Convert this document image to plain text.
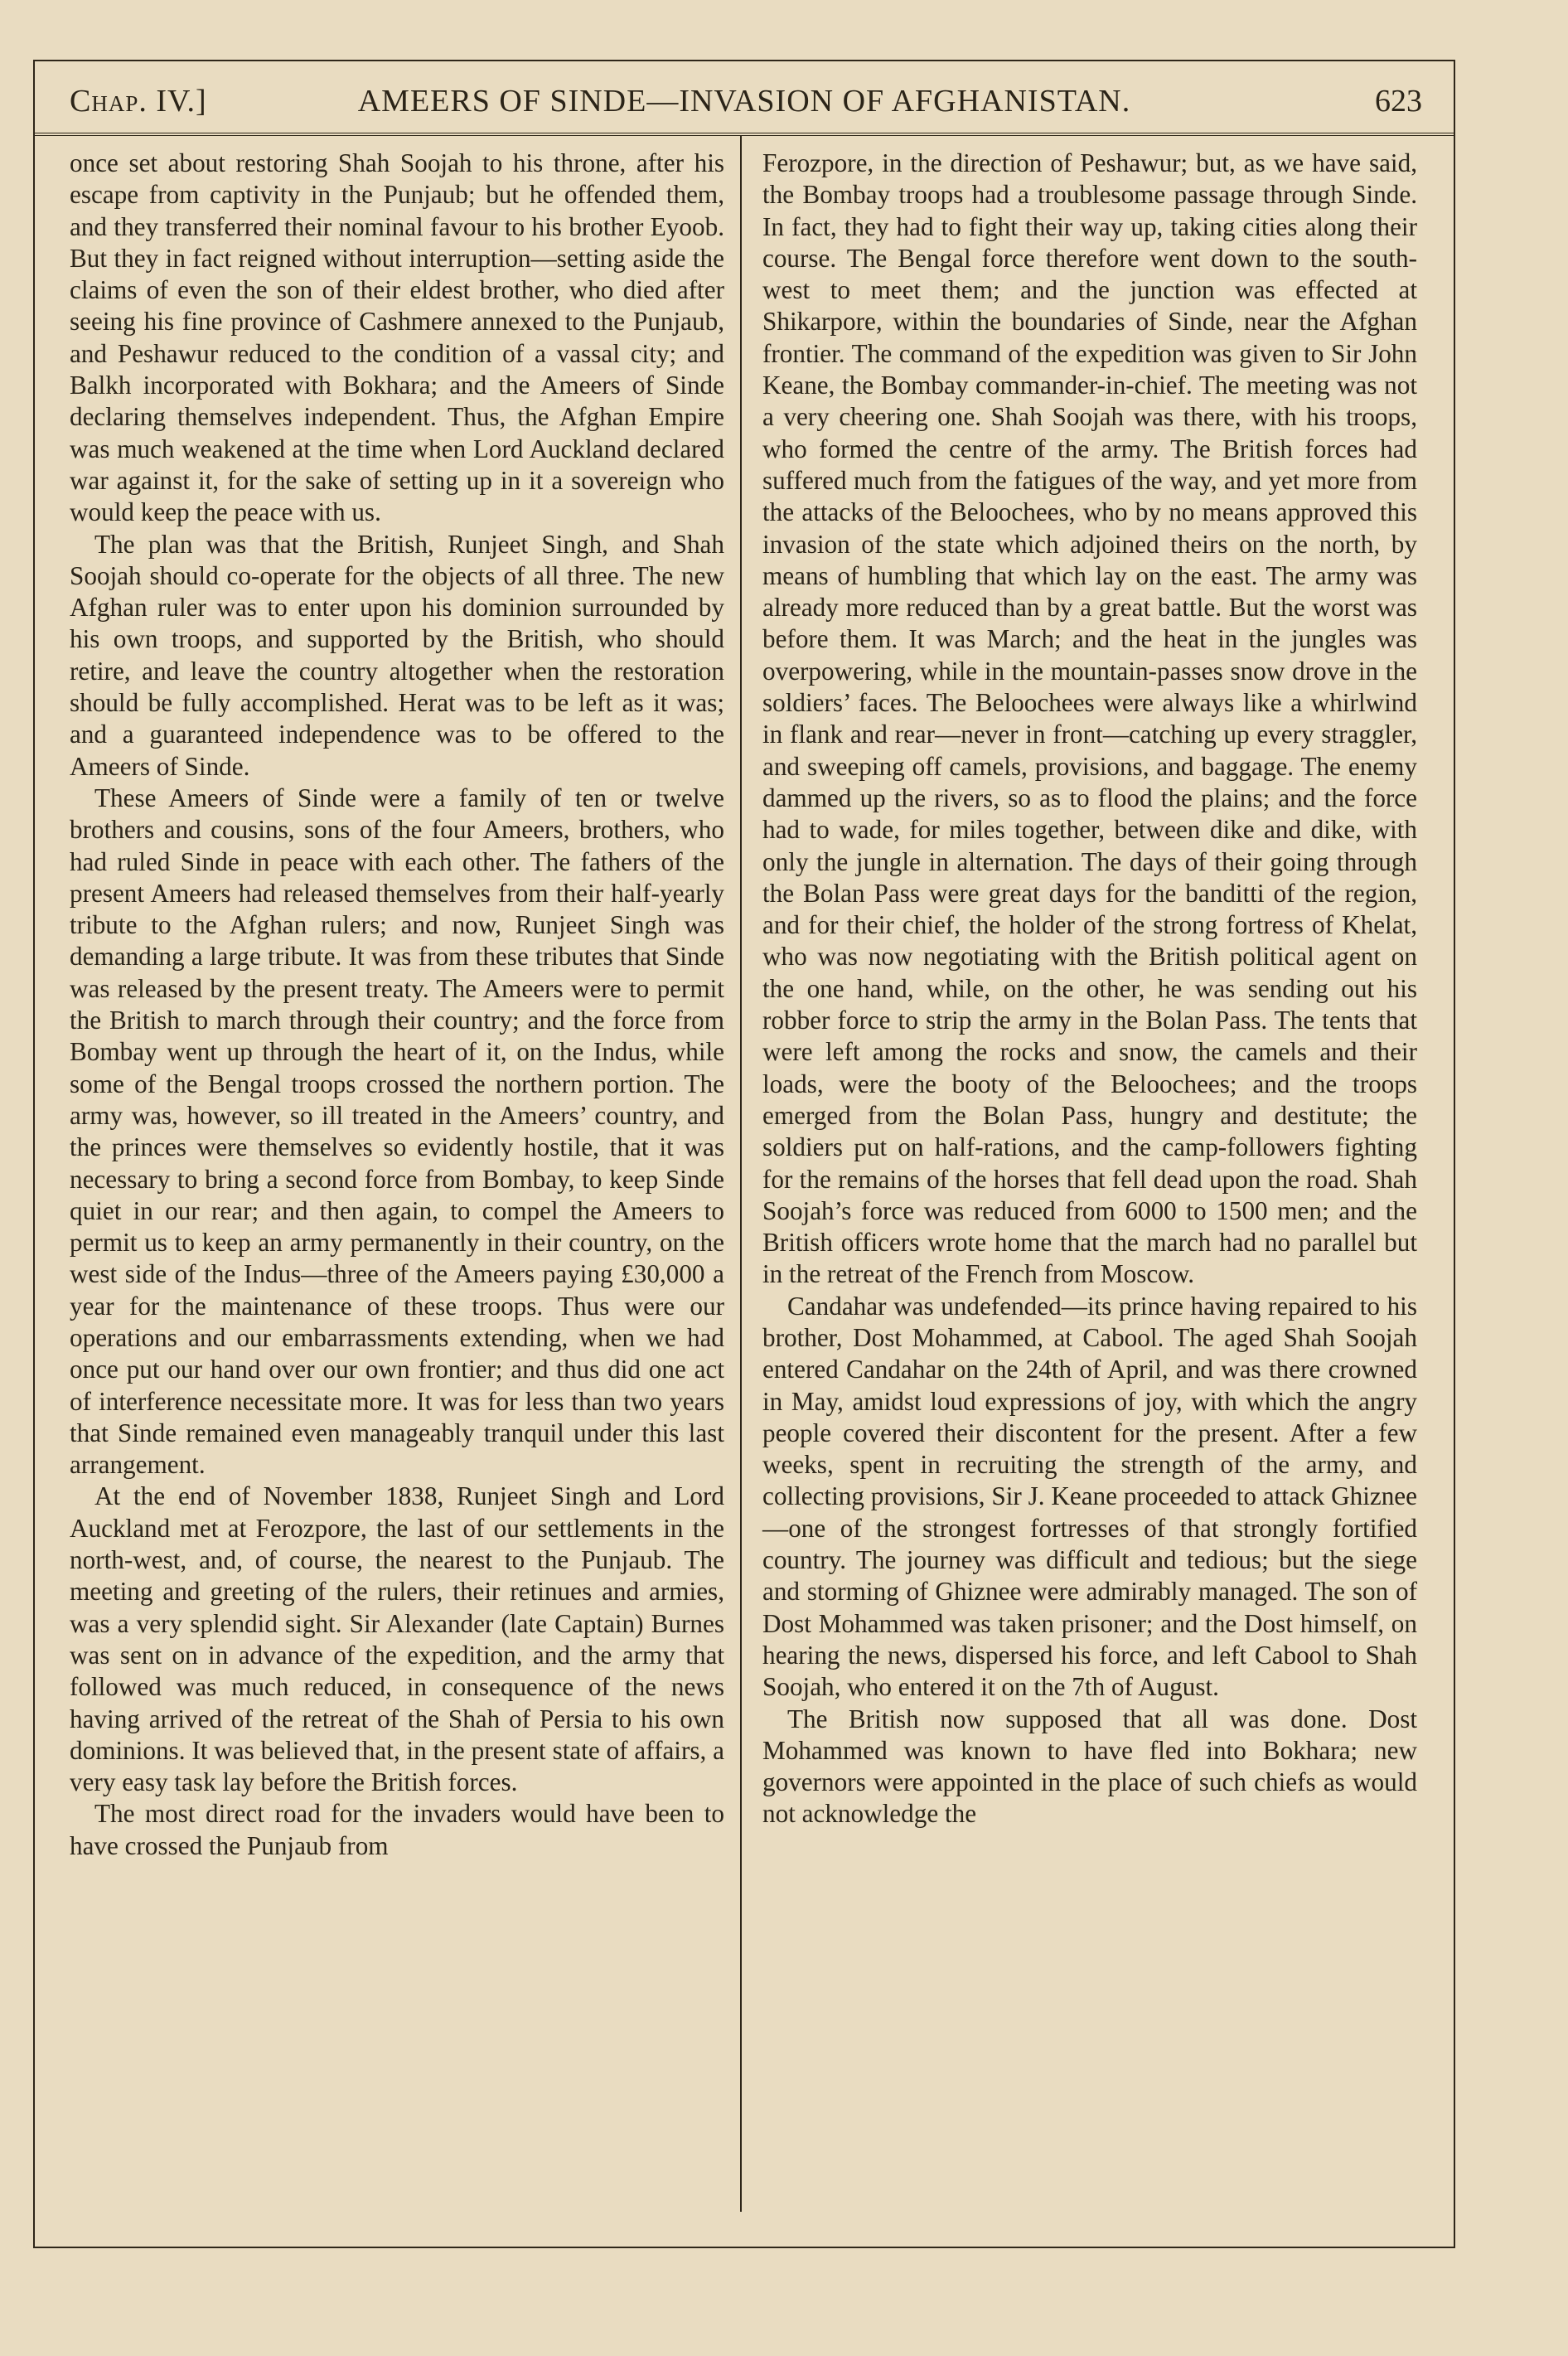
Chap. IV.]	AMEERS OF SINDE—INVASION OF AFGHANISTAN.	623

once set about restoring Shah Soojah to his throne, after his escape from captivity in the Punjaub; but he offended them, and they transferred their nominal favour to his brother Eyoob. But they in fact reigned without interruption—setting aside the claims of even the son of their eldest brother, who died after seeing his fine province of Cashmere annexed to the Punjaub, and Peshawur reduced to the condition of a vassal city; and Balkh incorporated with Bokhara; and the Ameers of Sinde declaring themselves independent. Thus, the Afghan Empire was much weakened at the time when Lord Auckland declared war against it, for the sake of setting up in it a sovereign who would keep the peace with us.

The plan was that the British, Runjeet Singh, and Shah Soojah should co-operate for the objects of all three. The new Afghan ruler was to enter upon his dominion surrounded by his own troops, and supported by the British, who should retire, and leave the country altogether when the restoration should be fully accomplished. Herat was to be left as it was; and a guaranteed independence was to be offered to the Ameers of Sinde.

These Ameers of Sinde were a family of ten or twelve brothers and cousins, sons of the four Ameers, brothers, who had ruled Sinde in peace with each other. The fathers of the present Ameers had released themselves from their half-yearly tribute to the Afghan rulers; and now, Runjeet Singh was demanding a large tribute. It was from these tributes that Sinde was released by the present treaty. The Ameers were to permit the British to march through their country; and the force from Bombay went up through the heart of it, on the Indus, while some of the Bengal troops crossed the northern portion. The army was, however, so ill treated in the Ameers’ country, and the princes were themselves so evidently hostile, that it was necessary to bring a second force from Bombay, to keep Sinde quiet in our rear; and then again, to compel the Ameers to permit us to keep an army permanently in their country, on the west side of the Indus—three of the Ameers paying £30,000 a year for the maintenance of these troops. Thus were our operations and our embarrassments extending, when we had once put our hand over our own frontier; and thus did one act of interference necessitate more. It was for less than two years that Sinde remained even manageably tranquil under this last arrangement.

At the end of November 1838, Runjeet Singh and Lord Auckland met at Ferozpore, the last of our settlements in the north-west, and, of course, the nearest to the Punjaub. The meeting and greeting of the rulers, their retinues and armies, was a very splendid sight. Sir Alexander (late Captain) Burnes was sent on in advance of the expedition, and the army that followed was much reduced, in consequence of the news having arrived of the retreat of the Shah of Persia to his own dominions. It was believed that, in the present state of affairs, a very easy task lay before the British forces.

The most direct road for the invaders would have been to have crossed the Punjaub from

Ferozpore, in the direction of Peshawur; but, as we have said, the Bombay troops had a troublesome passage through Sinde. In fact, they had to fight their way up, taking cities along their course. The Bengal force therefore went down to the south-west to meet them; and the junction was effected at Shikarpore, within the boundaries of Sinde, near the Afghan frontier. The command of the expedition was given to Sir John Keane, the Bombay commander-in-chief. The meeting was not a very cheering one. Shah Soojah was there, with his troops, who formed the centre of the army. The British forces had suffered much from the fatigues of the way, and yet more from the attacks of the Beloochees, who by no means approved this invasion of the state which adjoined theirs on the north, by means of humbling that which lay on the east. The army was already more reduced than by a great battle. But the worst was before them. It was March; and the heat in the jungles was overpowering, while in the mountain-passes snow drove in the soldiers’ faces. The Beloochees were always like a whirlwind in flank and rear—never in front—catching up every straggler, and sweeping off camels, provisions, and baggage. The enemy dammed up the rivers, so as to flood the plains; and the force had to wade, for miles together, between dike and dike, with only the jungle in alternation. The days of their going through the Bolan Pass were great days for the banditti of the region, and for their chief, the holder of the strong fortress of Khelat, who was now negotiating with the British political agent on the one hand, while, on the other, he was sending out his robber force to strip the army in the Bolan Pass. The tents that were left among the rocks and snow, the camels and their loads, were the booty of the Beloochees; and the troops emerged from the Bolan Pass, hungry and destitute; the soldiers put on half-rations, and the camp-followers fighting for the remains of the horses that fell dead upon the road. Shah Soojah’s force was reduced from 6000 to 1500 men; and the British officers wrote home that the march had no parallel but in the retreat of the French from Moscow.

Candahar was undefended—its prince having repaired to his brother, Dost Mohammed, at Cabool. The aged Shah Soojah entered Candahar on the 24th of April, and was there crowned in May, amidst loud expressions of joy, with which the angry people covered their discontent for the present. After a few weeks, spent in recruiting the strength of the army, and collecting provisions, Sir J. Keane proceeded to attack Ghiznee—one of the strongest fortresses of that strongly fortified country. The journey was difficult and tedious; but the siege and storming of Ghiznee were admirably managed. The son of Dost Mohammed was taken prisoner; and the Dost himself, on hearing the news, dispersed his force, and left Cabool to Shah Soojah, who entered it on the 7th of August.

The British now supposed that all was done. Dost Mohammed was known to have fled into Bokhara; new governors were appointed in the place of such chiefs as would not acknowledge the
